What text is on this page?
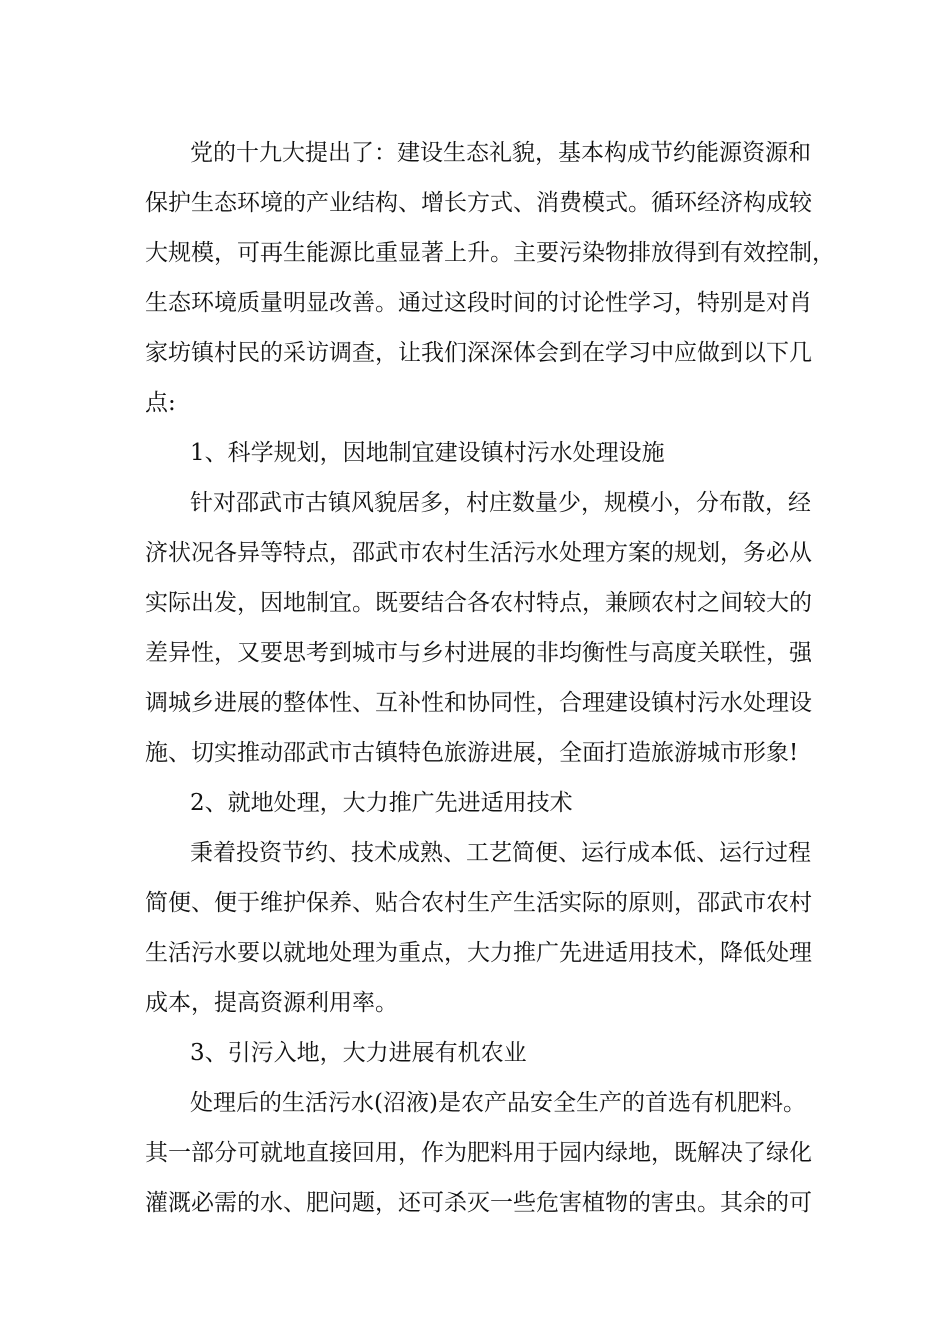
党的十九大提出了：建设生态礼貌，基本构成节约能源资源和
保护生态环境的产业结构、增长方式、消费模式。循环经济构成较
大规模，可再生能源比重显著上升。主要污染物排放得到有效控制，
生态环境质量明显改善。通过这段时间的讨论性学习，特别是对肖
家坊镇村民的采访调查，让我们深深体会到在学习中应做到以下几
点:
1、科学规划，因地制宜建设镇村污水处理设施
针对邵武市古镇风貌居多，村庄数量少，规模小，分布散，经
济状况各异等特点，邵武市农村生活污水处理方案的规划，务必从
实际出发，因地制宜。既要结合各农村特点，兼顾农村之间较大的
差异性，又要思考到城市与乡村进展的非均衡性与高度关联性，强
调城乡进展的整体性、互补性和协同性，合理建设镇村污水处理设
施、切实推动邵武市古镇特色旅游进展，全面打造旅游城市形象!
2、就地处理，大力推广先进适用技术
秉着投资节约、技术成熟、工艺简便、运行成本低、运行过程
简便、便于维护保养、贴合农村生产生活实际的原则，邵武市农村
生活污水要以就地处理为重点，大力推广先进适用技术，降低处理
成本，提高资源利用率。
3、引污入地，大力进展有机农业
处理后的生活污水(沼液)是农产品安全生产的首选有机肥料。
其一部分可就地直接回用，作为肥料用于园内绿地，既解决了绿化
灌溉必需的水、肥问题，还可杀灭一些危害植物的害虫。其余的可
